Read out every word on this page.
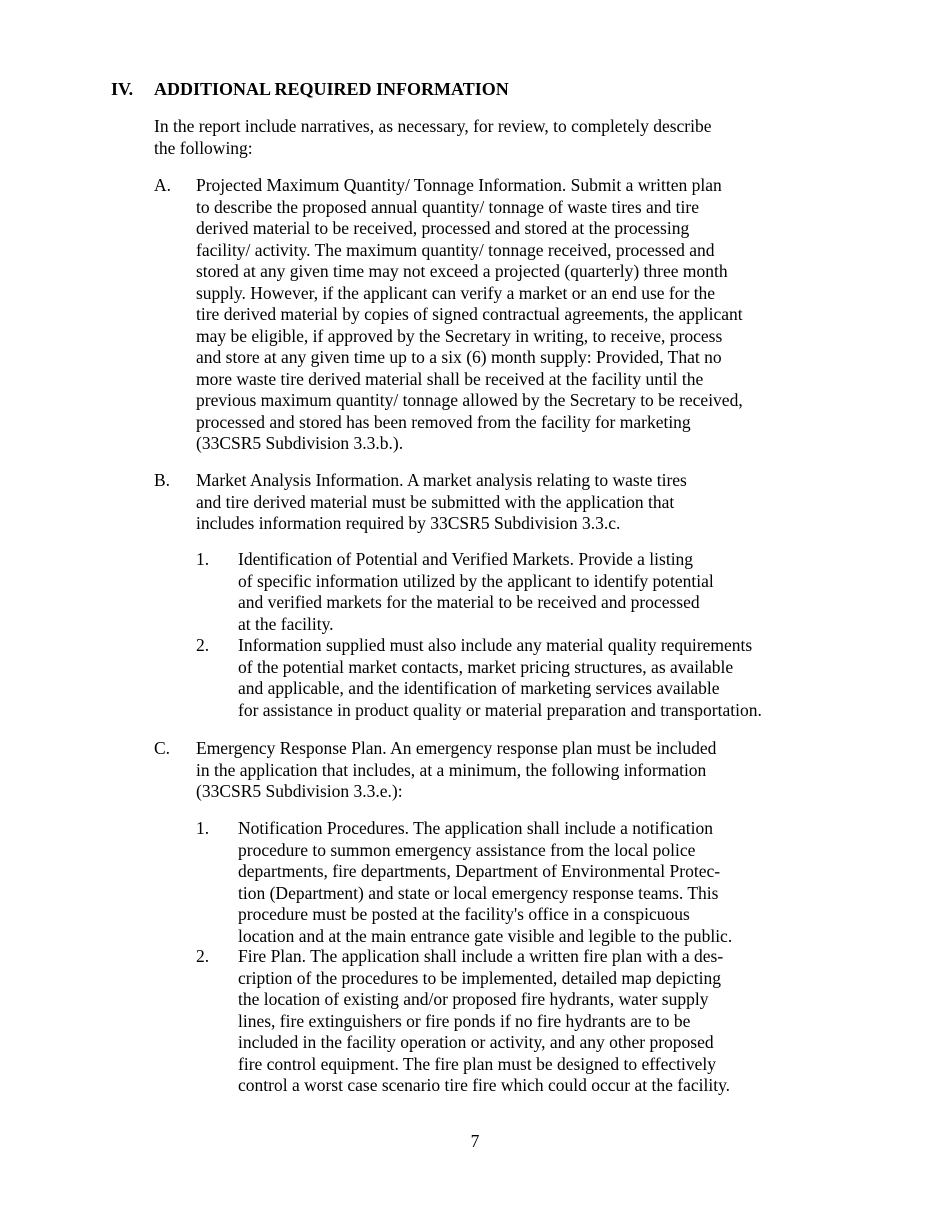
IV. ADDITIONAL REQUIRED INFORMATION
In the report include narratives, as necessary, for review, to completely describe
the following:
A. Projected Maximum Quantity/ Tonnage Information. Submit a written plan
to describe the proposed annual quantity/ tonnage of waste tires and tire
derived material to be received, processed and stored at the processing
facility/ activity. The maximum quantity/ tonnage received, processed and
stored at any given time may not exceed a projected (quarterly) three month
supply. However, if the applicant can verify a market or an end use for the
tire derived material by copies of signed contractual agreements, the applicant
may be eligible, if approved by the Secretary in writing, to receive, process
and store at any given time up to a six (6) month supply: Provided, That no
more waste tire derived material shall be received at the facility until the
previous maximum quantity/ tonnage allowed by the Secretary to be received,
processed and stored has been removed from the facility for marketing
(33CSR5 Subdivision 3.3.b.).
B. Market Analysis Information. A market analysis relating to waste tires
and tire derived material must be submitted with the application that
includes information required by 33CSR5 Subdivision 3.3.c.
1. Identification of Potential and Verified Markets. Provide a listing
of specific information utilized by the applicant to identify potential
and verified markets for the material to be received and processed
at the facility.
2. Information supplied must also include any material quality requirements
of the potential market contacts, market pricing structures, as available
and applicable, and the identification of marketing services available
for assistance in product quality or material preparation and transportation.
C. Emergency Response Plan. An emergency response plan must be included
in the application that includes, at a minimum, the following information
(33CSR5 Subdivision 3.3.e.):
1. Notification Procedures. The application shall include a notification
procedure to summon emergency assistance from the local police
departments, fire departments, Department of Environmental Protec-
tion (Department) and state or local emergency response teams. This
procedure must be posted at the facility's office in a conspicuous
location and at the main entrance gate visible and legible to the public.
2. Fire Plan. The application shall include a written fire plan with a des-
cription of the procedures to be implemented, detailed map depicting
the location of existing and/or proposed fire hydrants, water supply
lines, fire extinguishers or fire ponds if no fire hydrants are to be
included in the facility operation or activity, and any other proposed
fire control equipment. The fire plan must be designed to effectively
control a worst case scenario tire fire which could occur at the facility.
7
